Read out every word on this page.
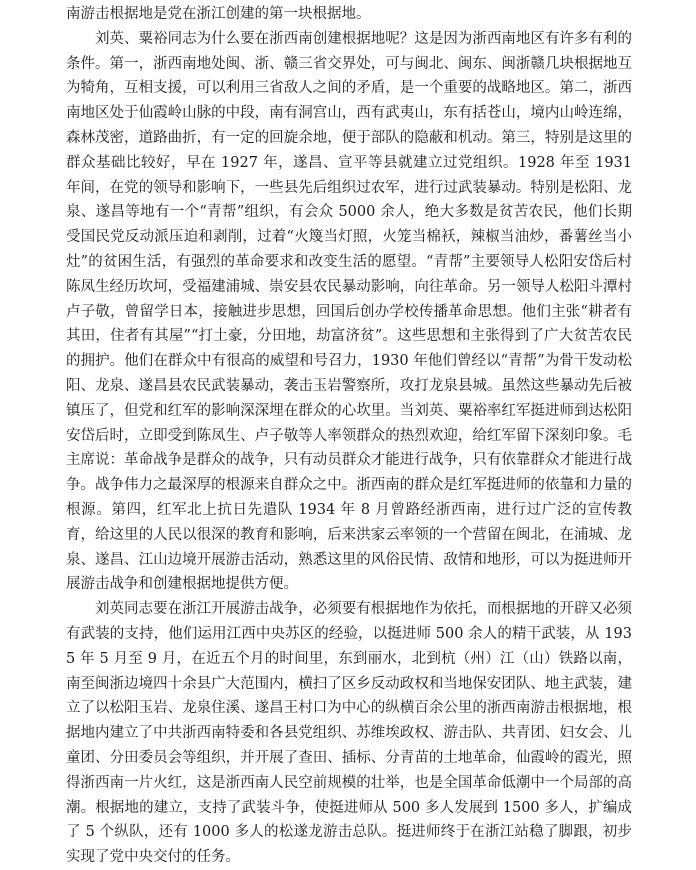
南游击根据地是党在浙江创建的第一块根据地。

刘英、粟裕同志为什么要在浙西南创建根据地呢？这是因为浙西南地区有许多有利的条件。第一，浙西南地处闽、浙、赣三省交界处，可与闽北、闽东、闽浙赣几块根据地互为犄角，互相支援，可以利用三省敌人之间的矛盾，是一个重要的战略地区。第二，浙西南地区处于仙霞岭山脉的中段，南有洞宫山，西有武夷山，东有括苍山，境内山岭连绵，森林茂密，道路曲折，有一定的回旋余地，便于部队的隐蔽和机动。第三，特别是这里的群众基础比较好，早在 1927 年，遂昌、宣平等县就建立过党组织。1928 年至 1931 年间，在党的领导和影响下，一些县先后组织过农军，进行过武装暴动。特别是松阳、龙泉、遂昌等地有一个“青帮”组织，有会众 5000 余人，绝大多数是贫苦农民，他们长期受国民党反动派压迫和剥削，过着“火篾当灯照，火笼当棉袄，辣椒当油炒，番薯丝当小灶”的贫困生活，有强烈的革命要求和改变生活的愿望。“青帮”主要领导人松阳安岱后村陈凤生经历坎坷，受福建浦城、崇安县农民暴动影响，向往革命。另一领导人松阳斗潭村卢子敬，曾留学日本，接触进步思想，回国后创办学校传播革命思想。他们主张“耕者有其田，住者有其屋”“打土豪，分田地，劫富济贫”。这些思想和主张得到了广大贫苦农民的拥护。他们在群众中有很高的威望和号召力，1930 年他们曾经以“青帮”为骨干发动松阳、龙泉、遂昌县农民武装暴动，袭击玉岩警察所，攻打龙泉县城。虽然这些暴动先后被镇压了，但党和红军的影响深深埋在群众的心坎里。当刘英、粟裕率红军挺进师到达松阳安岱后时，立即受到陈凤生、卢子敬等人率领群众的热烈欢迎，给红军留下深刻印象。毛主席说：革命战争是群众的战争，只有动员群众才能进行战争，只有依靠群众才能进行战争。战争伟力之最深厚的根源来自群众之中。浙西南的群众是红军挺进师的依靠和力量的根源。第四，红军北上抗日先遣队 1934 年 8 月曾路经浙西南，进行过广泛的宣传教育，给这里的人民以很深的教育和影响，后来洪家云率领的一个营留在闽北，在浦城、龙泉、遂昌、江山边境开展游击活动，熟悉这里的风俗民情、敌情和地形，可以为挺进师开展游击战争和创建根据地提供方便。

刘英同志要在浙江开展游击战争，必须要有根据地作为依托，而根据地的开辟又必须有武装的支持，他们运用江西中央苏区的经验，以挺进师 500 余人的精干武装，从 1935 年 5 月至 9 月，在近五个月的时间里，东到丽水，北到杭（州）江（山）铁路以南，南至闽浙边境四十余县广大范围内，横扫了区乡反动政权和当地保安团队、地主武装，建立了以松阳玉岩、龙泉住溪、遂昌王村口为中心的纵横百余公里的浙西南游击根据地，根据地内建立了中共浙西南特委和各县党组织、苏维埃政权、游击队、共青团、妇女会、儿童团、分田委员会等组织，并开展了查田、插标、分青苗的土地革命，仙霞岭的霞光，照得浙西南一片火红，这是浙西南人民空前规模的壮举，也是全国革命低潮中一个局部的高潮。根据地的建立，支持了武装斗争，使挺进师从 500 多人发展到 1500 多人，扩编成了 5 个纵队，还有 1000 多人的松遂龙游击总队。挺进师终于在浙江站稳了脚跟，初步实现了党中央交付的任务。
